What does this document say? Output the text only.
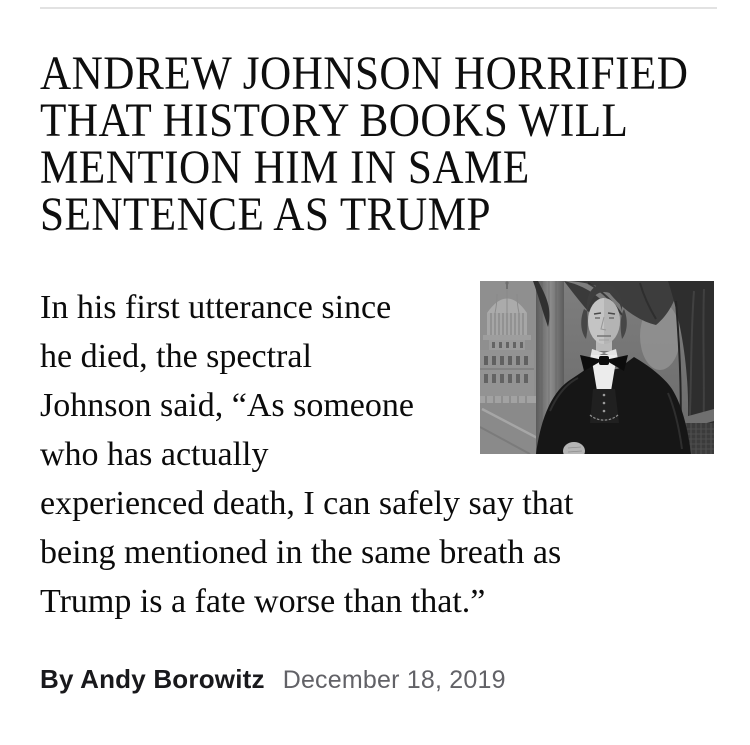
ANDREW JOHNSON HORRIFIED
THAT HISTORY BOOKS WILL
MENTION HIM IN SAME
SENTENCE AS TRUMP
In his first utterance since
he died, the spectral
Johnson said, “As someone
who has actually
experienced death, I can safely say that
being mentioned in the same breath as
Trump is a fate worse than that.”
By Andy Borowitz December 18, 2019
